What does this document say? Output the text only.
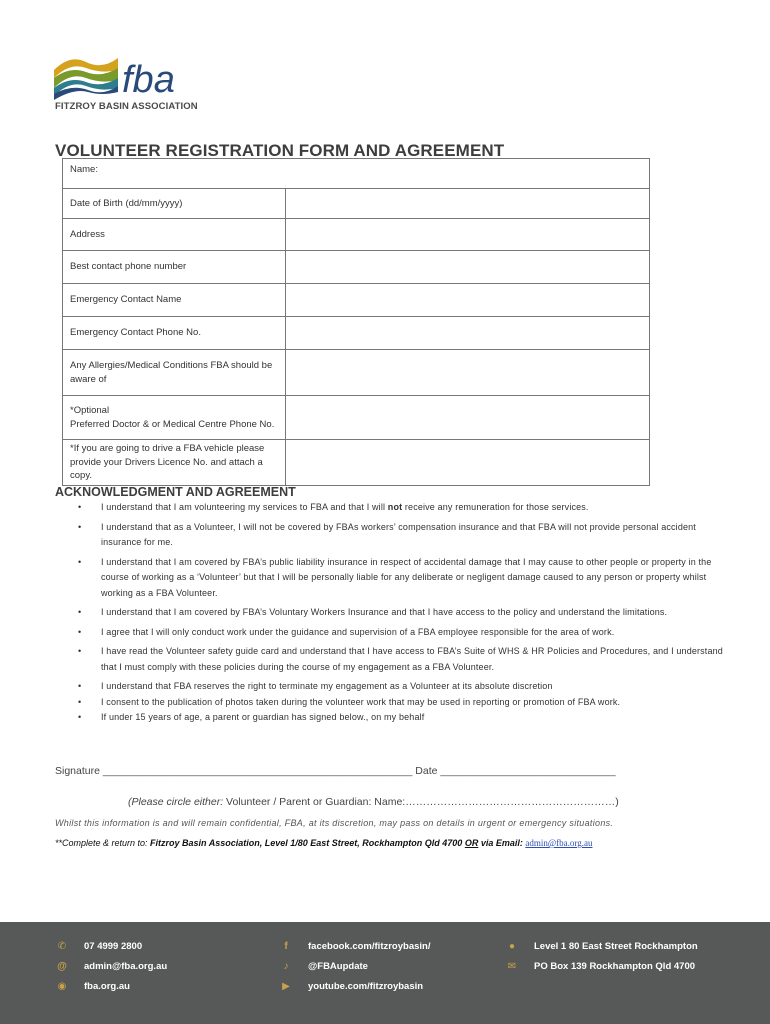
fba
FITZROY BASIN ASSOCIATION
VOLUNTEER REGISTRATION FORM AND AGREEMENT
Name:	
Date of Birth (dd/mm/yyyy)	
Address	
Best contact phone number	
Emergency Contact Name	
Emergency Contact Phone No.	
Any Allergies/Medical Conditions FBA should be aware of	
*Optional
Preferred Doctor & or Medical Centre Phone No.	
*If you are going to drive a FBA vehicle please provide your Drivers Licence No. and attach a copy.	
ACKNOWLEDGMENT AND AGREEMENT
• I understand that I am volunteering my services to FBA and that I will not receive any remuneration for those services.
• I understand that as a Volunteer, I will not be covered by FBAs workers’ compensation insurance and that FBA will not provide personal accident insurance for me.
• I understand that I am covered by FBA’s public liability insurance in respect of accidental damage that I may cause to other people or property in the course of working as a ‘Volunteer’ but that I will be personally liable for any deliberate or negligent damage caused to any person or property whilst working as a FBA Volunteer.
• I understand that I am covered by FBA’s Voluntary Workers Insurance and that I have access to the policy and understand the limitations.
• I agree that I will only conduct work under the guidance and supervision of a FBA employee responsible for the area of work.
• I have read the Volunteer safety guide card and understand that I have access to FBA’s Suite of WHS & HR Policies and Procedures, and I understand that I must comply with these policies during the course of my engagement as a FBA Volunteer.
• I understand that FBA reserves the right to terminate my engagement as a Volunteer at its absolute discretion
• I consent to the publication of photos taken during the volunteer work that may be used in reporting or promotion of FBA work.
• If under 15 years of age, a parent or guardian has signed below., on my behalf
Signature _____________________________________________________ Date ______________________________
(Please circle either: Volunteer / Parent or Guardian: Name:……………………………………………………)
Whilst this information is and will remain confidential, FBA, at its discretion, may pass on details in urgent or emergency situations.
**Complete & return to: Fitzroy Basin Association, Level 1/80 East Street, Rockhampton Qld 4700 OR via Email: admin@fba.org.au
✆ 07 4999 2800
@ admin@fba.org.au
◉ fba.org.au
f	facebook.com/fitzroybasin/
♪	@FBAupdate
▶ youtube.com/fitzroybasin
●	Level 1 80 East Street Rockhampton
✉ PO Box 139 Rockhampton Qld 4700
